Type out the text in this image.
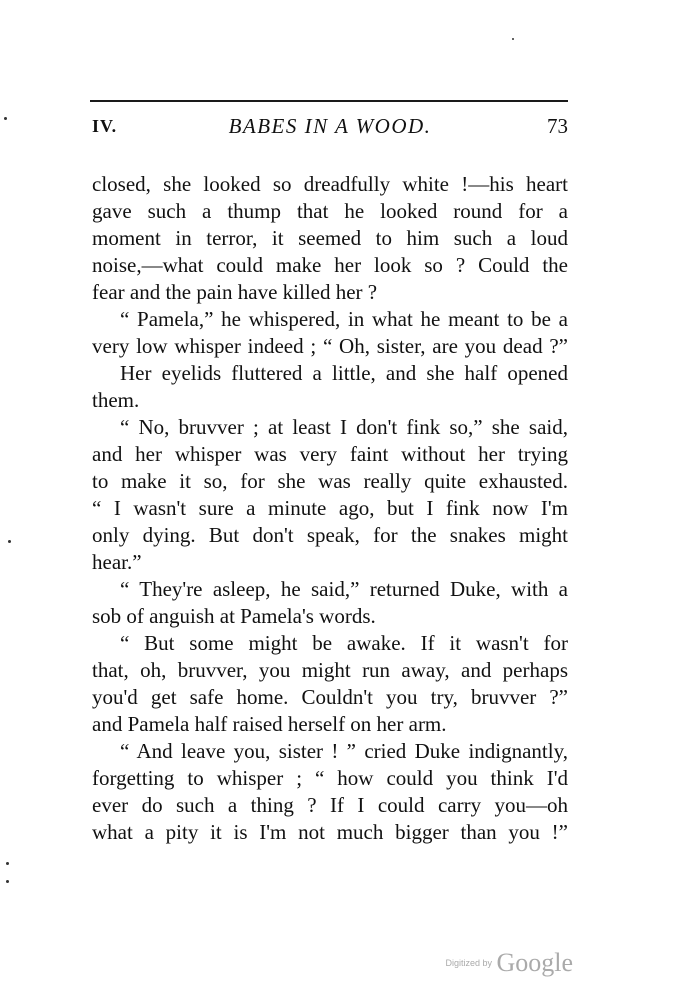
IV.	BABES IN A WOOD.	73
closed, she looked so dreadfully white !—his heart
gave such a thump that he looked round for a
moment in terror, it seemed to him such a loud
noise,—what could make her look so ? Could the
fear and the pain have killed her ?
“ Pamela,” he whispered, in what he meant to be a
very low whisper indeed ; “ Oh, sister, are you dead ?”
Her eyelids fluttered a little, and she half opened
them.
“ No, bruvver ; at least I don't fink so,” she said,
and her whisper was very faint without her trying
to make it so, for she was really quite exhausted.
“ I wasn't sure a minute ago, but I fink now I'm
only dying. But don't speak, for the snakes might
hear.”
“ They're asleep, he said,” returned Duke, with a
sob of anguish at Pamela's words.
“ But some might be awake. If it wasn't for
that, oh, bruvver, you might run away, and perhaps
you'd get safe home. Couldn't you try, bruvver ?”
and Pamela half raised herself on her arm.
“ And leave you, sister ! ” cried Duke indignantly,
forgetting to whisper ; “ how could you think I'd
ever do such a thing ? If I could carry you—oh
what a pity it is I'm not much bigger than you !”
Digitized by Google
